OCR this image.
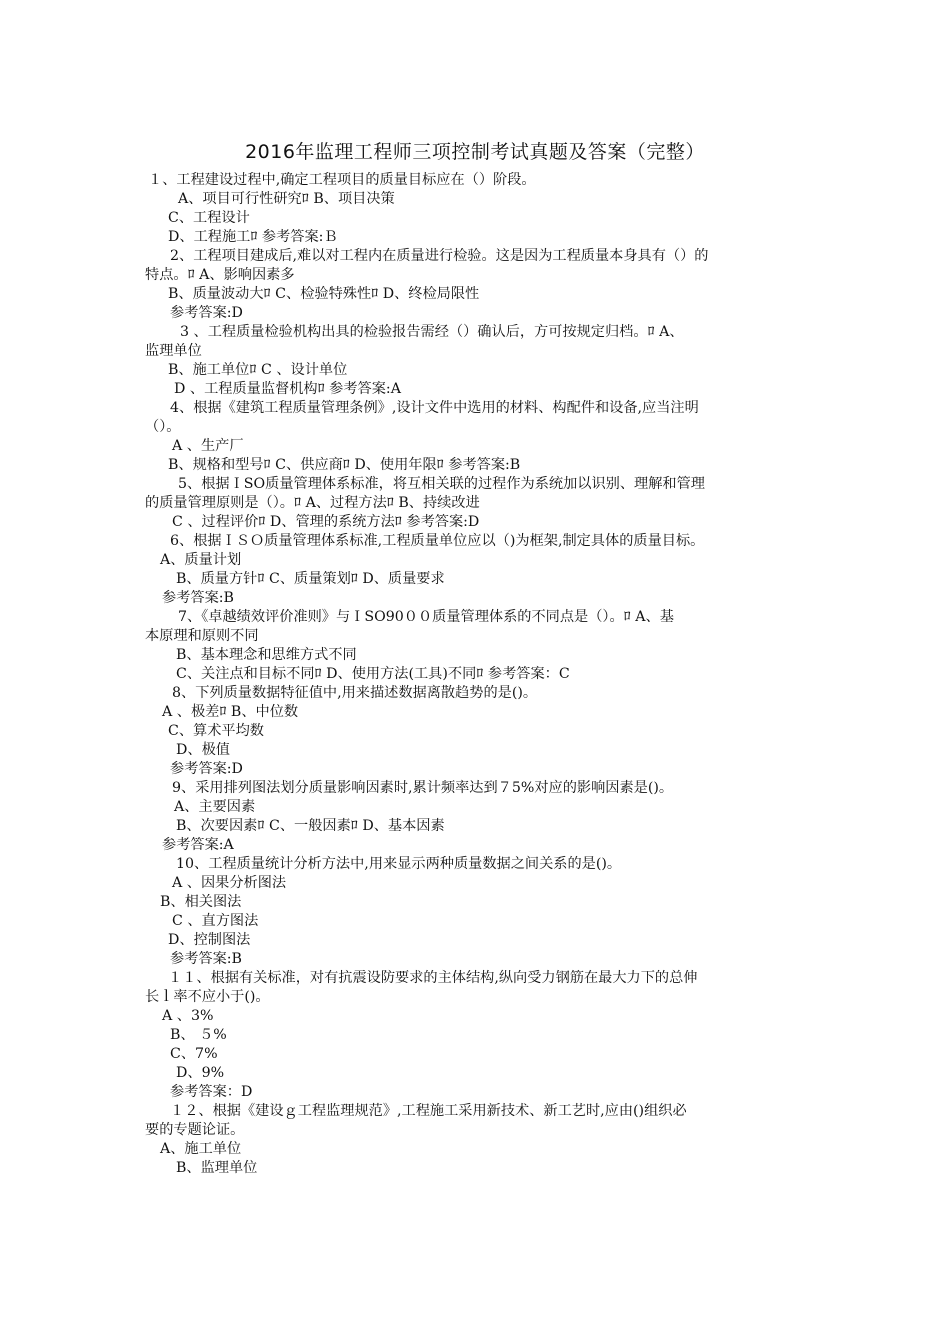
2016年监理工程师三项控制考试真题及答案（完整）
１、工程建设过程中,确定工程项目的质量目标应在（）阶段。
A、项目可行性研究ﾛ B、项目决策
C、工程设计
D、工程施工ﾛ 参考答案:Ｂ
2、工程项目建成后,难以对工程内在质量进行检验。这是因为工程质量本身具有（）的
特点。ﾛ A、影响因素多
B、质量波动大ﾛ C、检验特殊性ﾛ D、终检局限性
参考答案:D
3 、工程质量检验机构出具的检验报告需经（）确认后，方可按规定归档。ﾛ A、
监理单位
B、施工单位ﾛ C 、设计单位
D 、工程质量监督机构ﾛ 参考答案:A
4、根据《建筑工程质量管理条例》,设计文件中选用的材料、构配件和设备,应当注明
（）。
A 、生产厂
B、规格和型号ﾛ C、供应商ﾛ D、使用年限ﾛ 参考答案:B
5、根据ＩSO质量管理体系标准，将互相关联的过程作为系统加以识别、理解和管理
的质量管理原则是（）。ﾛ A、过程方法ﾛ B、持续改进
C 、过程评价ﾛ D、管理的系统方法ﾛ 参考答案:D
6、根据ＩＳＯ质量管理体系标准,工程质量单位应以（)为框架,制定具体的质量目标。
A、质量计划
B、质量方针ﾛ C、质量策划ﾛ D、质量要求
参考答案:B
7、《卓越绩效评价准则》与ＩSO90００质量管理体系的不同点是（）。ﾛ A、基
本原理和原则不同
B、基本理念和思维方式不同
C、关注点和目标不同ﾛ D、使用方法(工具)不同ﾛ 参考答案：C
8、下列质量数据特征值中,用来描述数据离散趋势的是()。
A 、极差ﾛ B、中位数
C、算术平均数
D、极值
参考答案:D
9、采用排列图法划分质量影响因素时,累计频率达到７5%对应的影响因素是()。
A、主要因素
B、次要因素ﾛ C、一般因素ﾛ D、基本因素
参考答案:A
10、工程质量统计分析方法中,用来显示两种质量数据之间关系的是()。
A 、因果分析图法
B、相关图法
C 、直方图法
D、控制图法
参考答案:B
１１、根据有关标准，对有抗震设防要求的主体结构,纵向受力钢筋在最大力下的总伸
长ｌ率不应小于()。
A 、3%
B、 ５%
C、7%
D、9%
参考答案：D
１２、根据《建设ｇ工程监理规范》,工程施工采用新技术、新工艺时,应由()组织必
要的专题论证。
A、施工单位
B、监理单位
